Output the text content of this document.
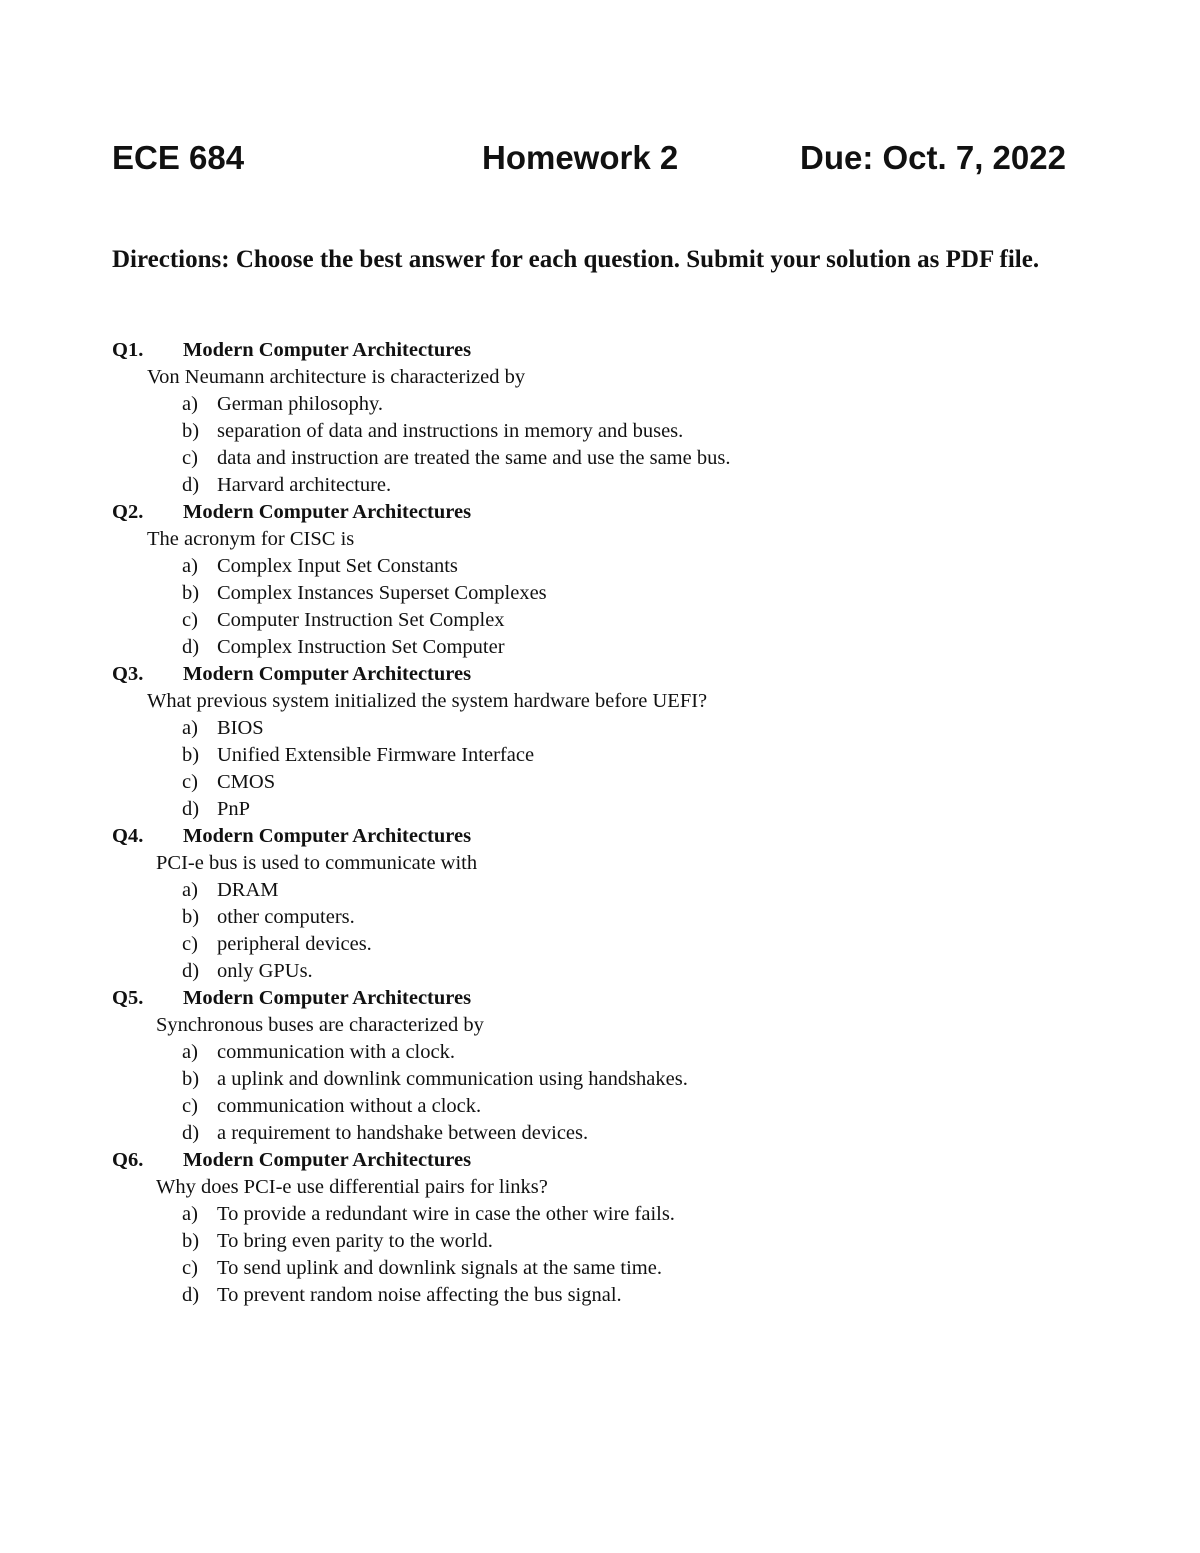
ECE 684	Homework 2	Due: Oct. 7, 2022
Directions: Choose the best answer for each question. Submit your solution as PDF file.
Q1. Modern Computer Architectures
Von Neumann architecture is characterized by
a) German philosophy.
b) separation of data and instructions in memory and buses.
c) data and instruction are treated the same and use the same bus.
d) Harvard architecture.
Q2. Modern Computer Architectures
The acronym for CISC is
a) Complex Input Set Constants
b) Complex Instances Superset Complexes
c) Computer Instruction Set Complex
d) Complex Instruction Set Computer
Q3. Modern Computer Architectures
What previous system initialized the system hardware before UEFI?
a) BIOS
b) Unified Extensible Firmware Interface
c) CMOS
d) PnP
Q4. Modern Computer Architectures
PCI-e bus is used to communicate with
a) DRAM
b) other computers.
c) peripheral devices.
d) only GPUs.
Q5. Modern Computer Architectures
Synchronous buses are characterized by
a) communication with a clock.
b) a uplink and downlink communication using handshakes.
c) communication without a clock.
d) a requirement to handshake between devices.
Q6. Modern Computer Architectures
Why does PCI-e use differential pairs for links?
a) To provide a redundant wire in case the other wire fails.
b) To bring even parity to the world.
c) To send uplink and downlink signals at the same time.
d) To prevent random noise affecting the bus signal.
